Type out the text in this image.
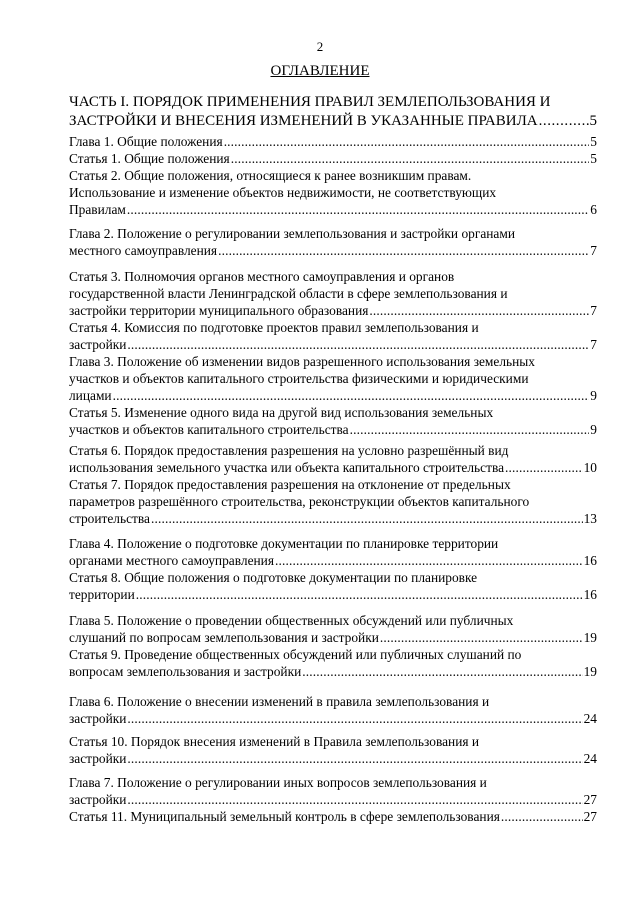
2
ОГЛАВЛЕНИЕ
ЧАСТЬ I. ПОРЯДОК ПРИМЕНЕНИЯ ПРАВИЛ ЗЕМЛЕПОЛЬЗОВАНИЯ И
ЗАСТРОЙКИ И ВНЕСЕНИЯ ИЗМЕНЕНИЙ В УКАЗАННЫЕ ПРАВИЛА . . .	5
Глава 1. Общие положения . . .	5
Статья 1. Общие положения . . .	5
Статья 2. Общие положения, относящиеся к ранее возникшим правам.
Использование и изменение объектов недвижимости, не соответствующих
Правилам . . .	6
Глава 2. Положение о регулировании землепользования и застройки органами
местного самоуправления . . .	7
Статья 3. Полномочия органов местного самоуправления и органов
государственной власти Ленинградской области в сфере землепользования и
застройки территории муниципального образования . . .	7
Статья 4. Комиссия по подготовке проектов правил землепользования и
застройки . . .	7
Глава 3. Положение об изменении видов разрешенного использования земельных
участков и объектов капитального строительства физическими и юридическими
лицами . . .	9
Статья 5. Изменение одного вида на другой вид использования земельных
участков и объектов капитального строительства . . .	9
Статья 6. Порядок предоставления разрешения на условно разрешённый вид
использования земельного участка или объекта капитального строительства . . .	10
Статья 7. Порядок предоставления разрешения на отклонение от предельных
параметров разрешённого строительства, реконструкции объектов капитального
строительства . . .	13
Глава 4. Положение о подготовке документации по планировке территории
органами местного самоуправления . . .	16
Статья 8. Общие положения о подготовке документации по планировке
территории . . .	16
Глава 5. Положение о проведении общественных обсуждений или публичных
слушаний по вопросам землепользования и застройки . . .	19
Статья 9. Проведение общественных обсуждений или публичных слушаний по
вопросам землепользования и застройки . . .	19
Глава 6. Положение о внесении изменений в правила землепользования и
застройки . . .	24
Статья 10. Порядок внесения изменений в Правила землепользования и
застройки . . .	24
Глава 7. Положение о регулировании иных вопросов землепользования и
застройки . . .	27
Статья 11. Муниципальный земельный контроль в сфере землепользования . . .	27
